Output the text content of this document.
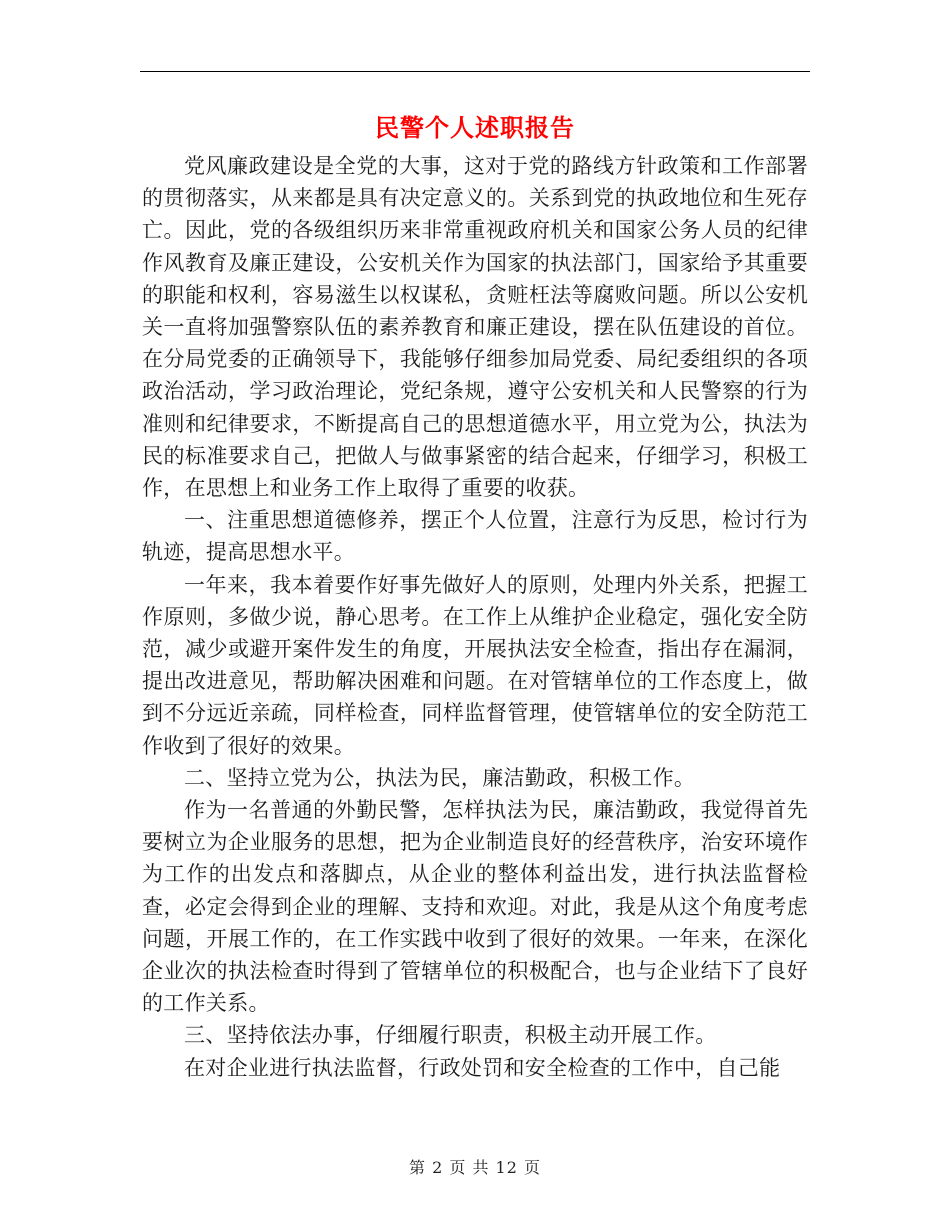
民警个人述职报告

党风廉政建设是全党的大事，这对于党的路线方针政策和工作部署的贯彻落实，从来都是具有决定意义的。关系到党的执政地位和生死存亡。因此，党的各级组织历来非常重视政府机关和国家公务人员的纪律作风教育及廉正建设，公安机关作为国家的执法部门，国家给予其重要的职能和权利，容易滋生以权谋私，贪赃枉法等腐败问题。所以公安机关一直将加强警察队伍的素养教育和廉正建设，摆在队伍建设的首位。在分局党委的正确领导下，我能够仔细参加局党委、局纪委组织的各项政治活动，学习政治理论，党纪条规，遵守公安机关和人民警察的行为准则和纪律要求，不断提高自己的思想道德水平，用立党为公，执法为民的标准要求自己，把做人与做事紧密的结合起来，仔细学习，积极工作，在思想上和业务工作上取得了重要的收获。

一、注重思想道德修养，摆正个人位置，注意行为反思，检讨行为轨迹，提高思想水平。

一年来，我本着要作好事先做好人的原则，处理内外关系，把握工作原则，多做少说，静心思考。在工作上从维护企业稳定，强化安全防范，减少或避开案件发生的角度，开展执法安全检查，指出存在漏洞，提出改进意见，帮助解决困难和问题。在对管辖单位的工作态度上，做到不分远近亲疏，同样检查，同样监督管理，使管辖单位的安全防范工作收到了很好的效果。

二、坚持立党为公，执法为民，廉洁勤政，积极工作。

作为一名普通的外勤民警，怎样执法为民，廉洁勤政，我觉得首先要树立为企业服务的思想，把为企业制造良好的经营秩序，治安环境作为工作的出发点和落脚点，从企业的整体利益出发，进行执法监督检查，必定会得到企业的理解、支持和欢迎。对此，我是从这个角度考虑问题，开展工作的，在工作实践中收到了很好的效果。一年来，在深化企业次的执法检查时得到了管辖单位的积极配合，也与企业结下了良好的工作关系。

三、坚持依法办事，仔细履行职责，积极主动开展工作。

在对企业进行执法监督，行政处罚和安全检查的工作中，自己能

第 2 页 共 12 页
